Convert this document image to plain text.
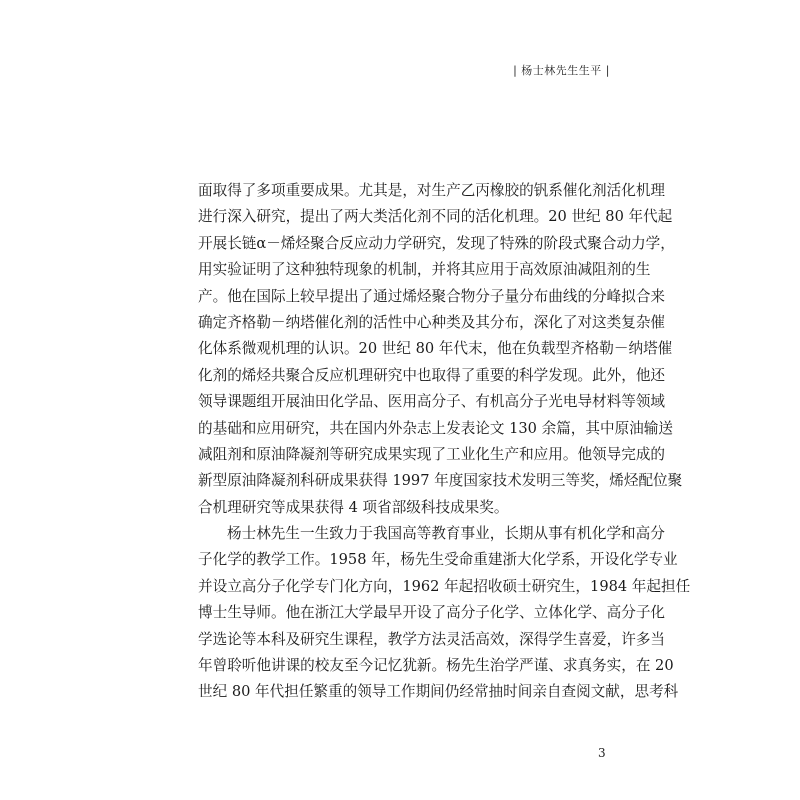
| 杨士林先生生平 |
面取得了多项重要成果。尤其是，对生产乙丙橡胶的钒系催化剂活化机理
进行深入研究，提出了两大类活化剂不同的活化机理。20 世纪 80 年代起
开展长链α－烯烃聚合反应动力学研究，发现了特殊的阶段式聚合动力学，
用实验证明了这种独特现象的机制，并将其应用于高效原油减阻剂的生
产。他在国际上较早提出了通过烯烃聚合物分子量分布曲线的分峰拟合来
确定齐格勒－纳塔催化剂的活性中心种类及其分布，深化了对这类复杂催
化体系微观机理的认识。20 世纪 80 年代末，他在负载型齐格勒－纳塔催
化剂的烯烃共聚合反应机理研究中也取得了重要的科学发现。此外，他还
领导课题组开展油田化学品、医用高分子、有机高分子光电导材料等领域
的基础和应用研究，共在国内外杂志上发表论文 130 余篇，其中原油输送
减阻剂和原油降凝剂等研究成果实现了工业化生产和应用。他领导完成的
新型原油降凝剂科研成果获得 1997 年度国家技术发明三等奖，烯烃配位聚
合机理研究等成果获得 4 项省部级科技成果奖。
杨士林先生一生致力于我国高等教育事业，长期从事有机化学和高分
子化学的教学工作。1958 年，杨先生受命重建浙大化学系，开设化学专业
并设立高分子化学专门化方向，1962 年起招收硕士研究生，1984 年起担任
博士生导师。他在浙江大学最早开设了高分子化学、立体化学、高分子化
学选论等本科及研究生课程，教学方法灵活高效，深得学生喜爱，许多当
年曾聆听他讲课的校友至今记忆犹新。杨先生治学严谨、求真务实，在 20
世纪 80 年代担任繁重的领导工作期间仍经常抽时间亲自查阅文献，思考科
3
